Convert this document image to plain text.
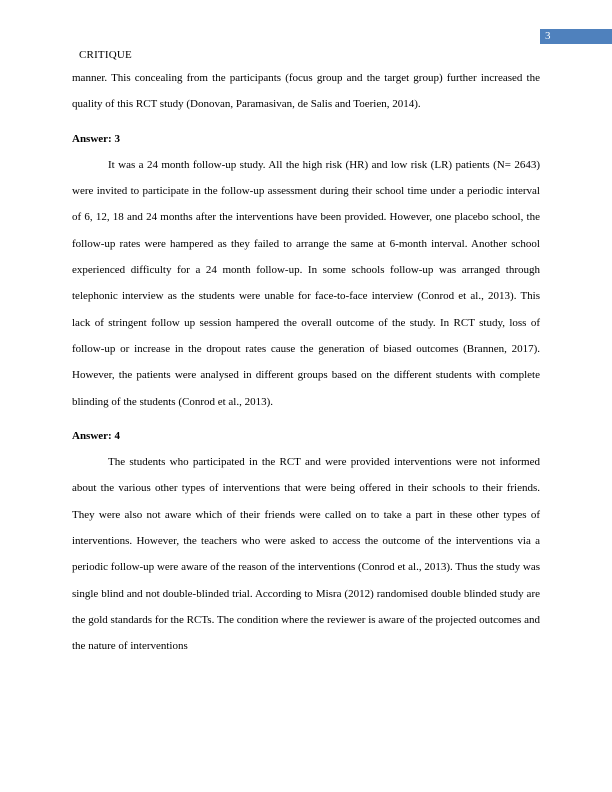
3
CRITIQUE

manner. This concealing from the participants (focus group and the target group) further increased the quality of this RCT study (Donovan, Paramasivan, de Salis and Toerien, 2014).

Answer: 3

It was a 24 month follow-up study. All the high risk (HR) and low risk (LR) patients (N= 2643) were invited to participate in the follow-up assessment during their school time under a periodic interval of 6, 12, 18 and 24 months after the interventions have been provided. However, one placebo school, the follow-up rates were hampered as they failed to arrange the same at 6-month interval. Another school experienced difficulty for a 24 month follow-up. In some schools follow-up was arranged through telephonic interview as the students were unable for face-to-face interview (Conrod et al., 2013). This lack of stringent follow up session hampered the overall outcome of the study. In RCT study, loss of follow-up or increase in the dropout rates cause the generation of biased outcomes (Brannen, 2017). However, the patients were analysed in different groups based on the different students with complete blinding of the students (Conrod et al., 2013).

Answer: 4

The students who participated in the RCT and were provided interventions were not informed about the various other types of interventions that were being offered in their schools to their friends. They were also not aware which of their friends were called on to take a part in these other types of interventions. However, the teachers who were asked to access the outcome of the interventions via a periodic follow-up were aware of the reason of the interventions (Conrod et al., 2013). Thus the study was single blind and not double-blinded trial. According to Misra (2012) randomised double blinded study are the gold standards for the RCTs. The condition where the reviewer is aware of the projected outcomes and the nature of interventions
